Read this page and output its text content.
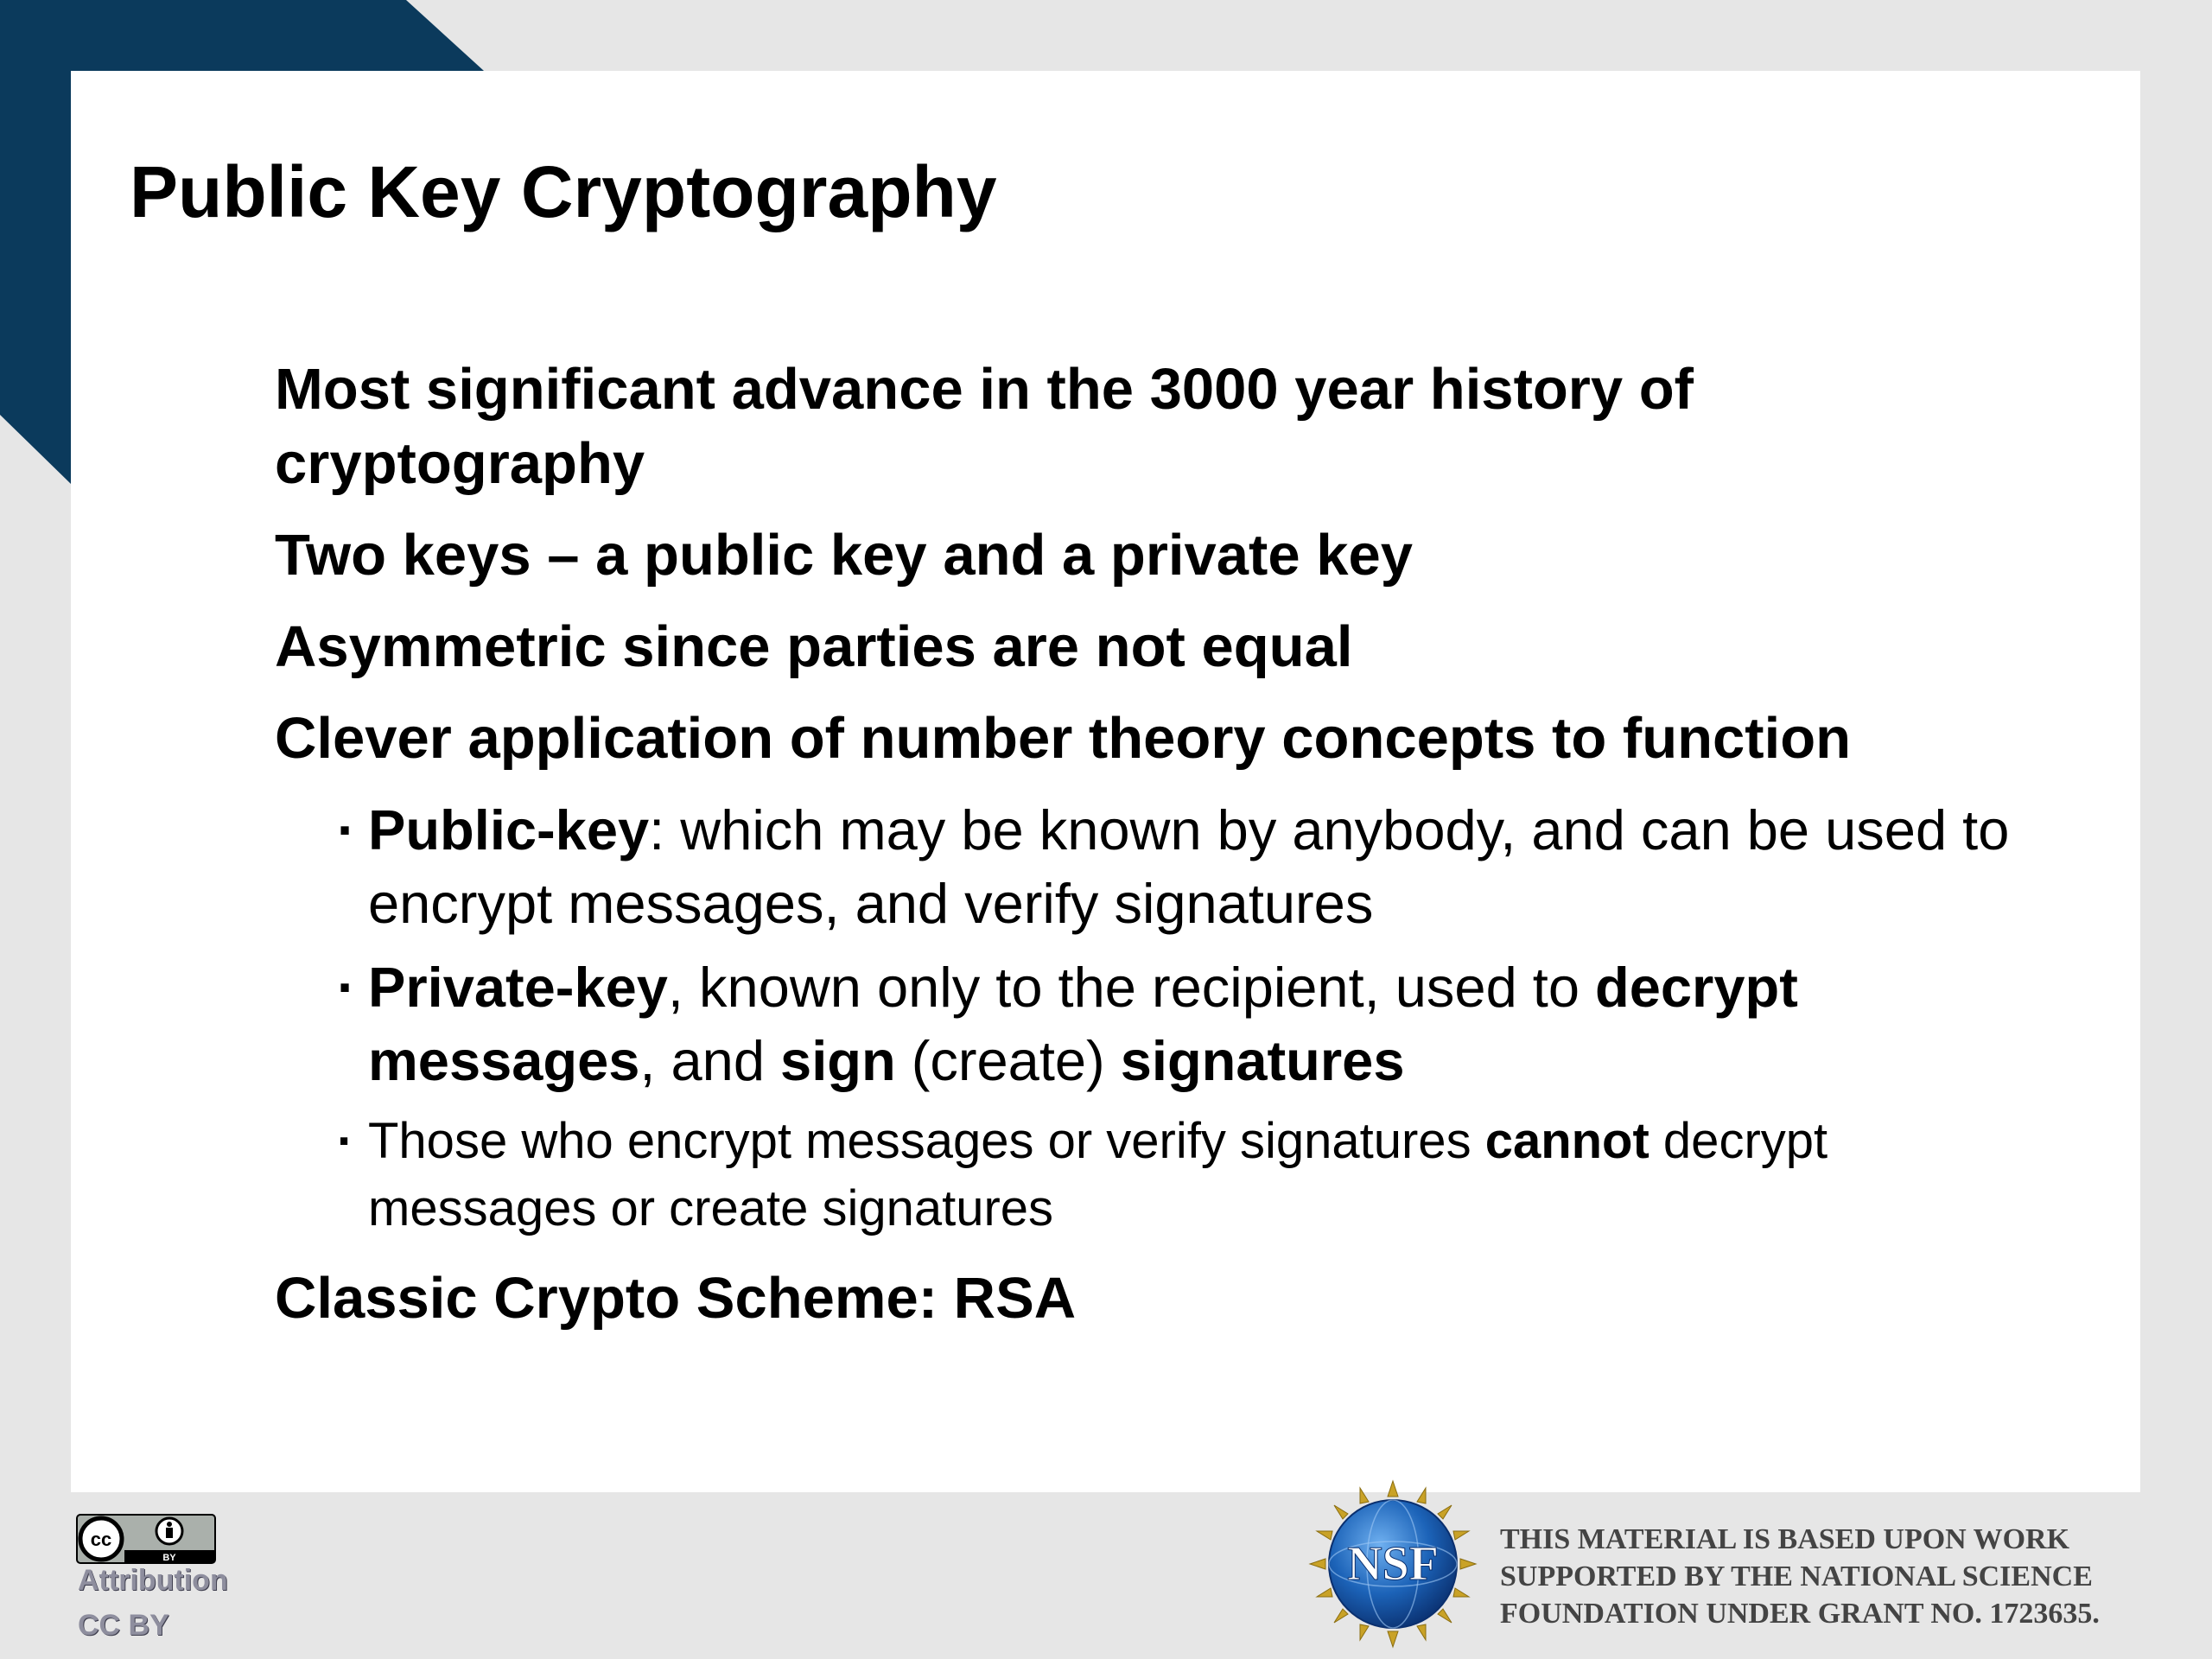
Public Key Cryptography
Most significant advance in the 3000 year history of cryptography
Two keys – a public key and a private key
Asymmetric since parties are not equal
Clever application of number theory concepts to function
· Public-key: which may be known by anybody, and can be used to encrypt messages, and verify signatures
· Private-key, known only to the recipient, used to decrypt messages, and sign (create) signatures
· Those who encrypt messages or verify signatures cannot decrypt messages or create signatures
Classic Crypto Scheme: RSA
cc
BY
Attribution
CC BY
NSF THIS MATERIAL IS BASED UPON WORK
SUPPORTED BY THE NATIONAL SCIENCE
FOUNDATION UNDER GRANT NO. 1723635.
